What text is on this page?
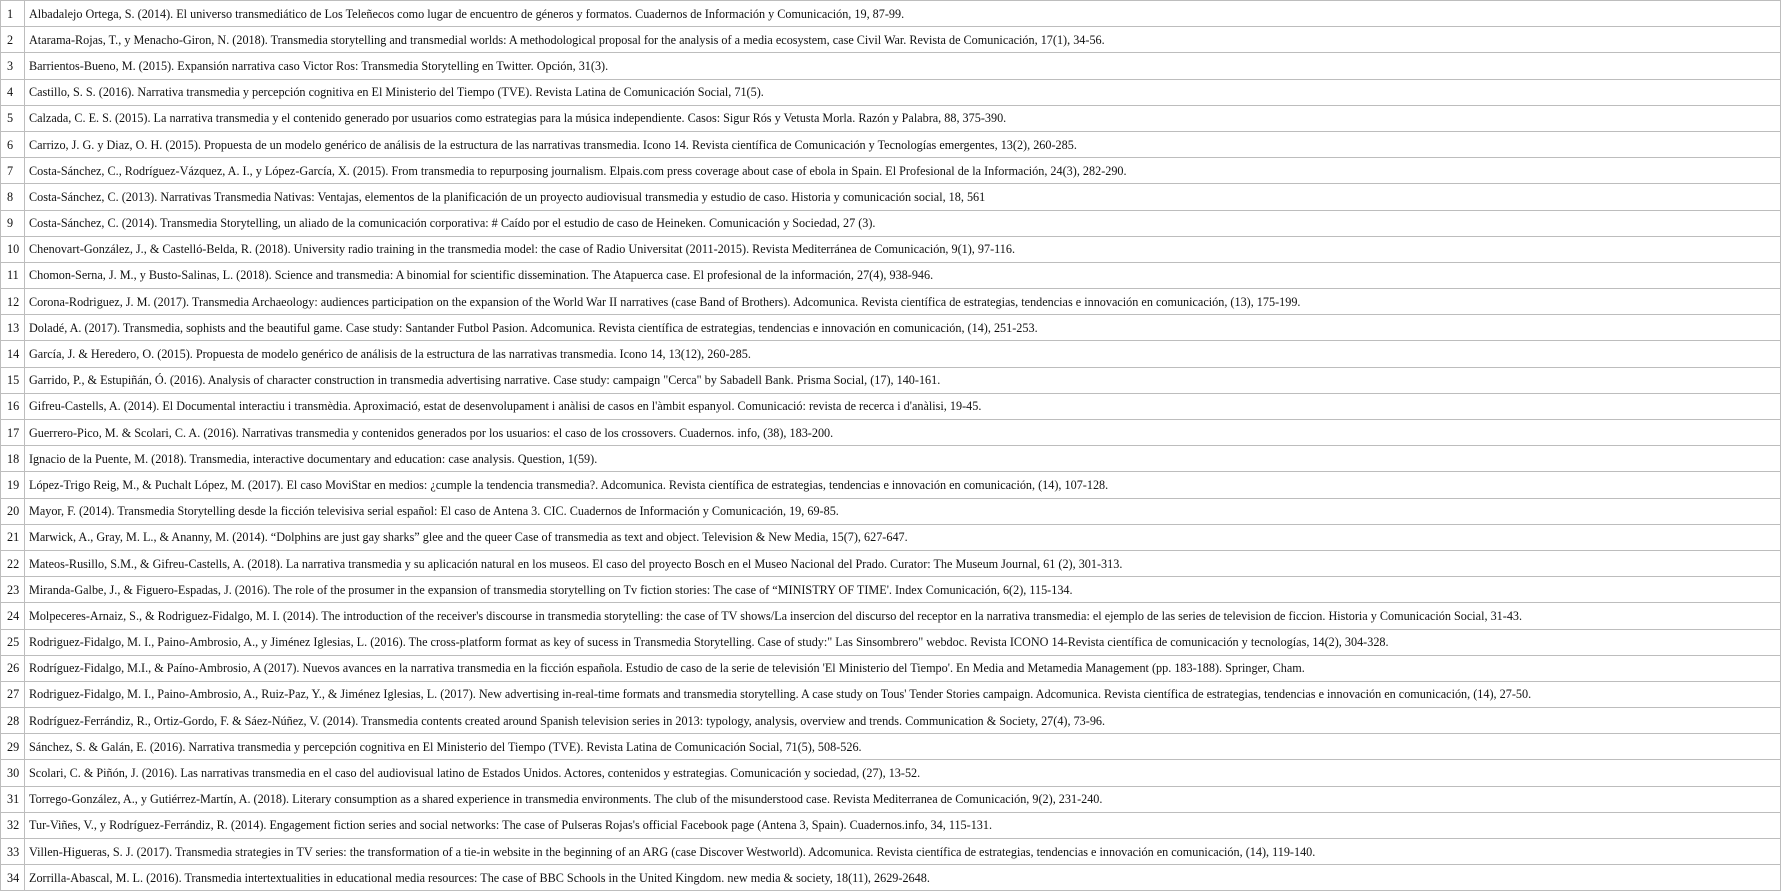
1	Albadalejo Ortega, S. (2014). El universo transmediático de Los Teleñecos como lugar de encuentro de géneros y formatos. Cuadernos de Información y Comunicación, 19, 87-99.
2	Atarama-Rojas, T., y Menacho-Giron, N. (2018). Transmedia storytelling and transmedial worlds: A methodological proposal for the analysis of a media ecosystem, case Civil War. Revista de Comunicación, 17(1), 34-56.
3	Barrientos-Bueno, M. (2015). Expansión narrativa caso Victor Ros: Transmedia Storytelling en Twitter. Opción, 31(3).
4	Castillo, S. S. (2016). Narrativa transmedia y percepción cognitiva en El Ministerio del Tiempo (TVE). Revista Latina de Comunicación Social, 71(5).
5	Calzada, C. E. S. (2015). La narrativa transmedia y el contenido generado por usuarios como estrategias para la música independiente. Casos: Sigur Rós y Vetusta Morla. Razón y Palabra, 88, 375-390.
6	Carrizo, J. G. y Diaz, O. H. (2015). Propuesta de un modelo genérico de análisis de la estructura de las narrativas transmedia. Icono 14. Revista científica de Comunicación y Tecnologías emergentes, 13(2), 260-285.
7	Costa-Sánchez, C., Rodríguez-Vázquez, A. I., y López-García, X. (2015). From transmedia to repurposing journalism. Elpais.com press coverage about case of ebola in Spain. El Profesional de la Información, 24(3), 282-290.
8	Costa-Sánchez, C. (2013). Narrativas Transmedia Nativas: Ventajas, elementos de la planificación de un proyecto audiovisual transmedia y estudio de caso. Historia y comunicación social, 18, 561
9	Costa-Sánchez, C. (2014). Transmedia Storytelling, un aliado de la comunicación corporativa: # Caído por el estudio de caso de Heineken. Comunicación y Sociedad, 27 (3).
10	Chenovart-González, J., & Castelló-Belda, R. (2018). University radio training in the transmedia model: the case of Radio Universitat (2011-2015). Revista Mediterránea de Comunicación, 9(1), 97-116.
11	Chomon-Serna, J. M., y Busto-Salinas, L. (2018). Science and transmedia: A binomial for scientific dissemination. The Atapuerca case. El profesional de la información, 27(4), 938-946.
12	Corona-Rodriguez, J. M. (2017). Transmedia Archaeology: audiences participation on the expansion of the World War II narratives (case Band of Brothers). Adcomunica. Revista científica de estrategias, tendencias e innovación en comunicación, (13), 175-199.
13	Doladé, A. (2017). Transmedia, sophists and the beautiful game. Case study: Santander Futbol Pasion. Adcomunica. Revista científica de estrategias, tendencias e innovación en comunicación, (14), 251-253.
14	García, J. & Heredero, O. (2015). Propuesta de modelo genérico de análisis de la estructura de las narrativas transmedia. Icono 14, 13(12), 260-285.
15	Garrido, P., & Estupiñán, Ó. (2016). Analysis of character construction in transmedia advertising narrative. Case study: campaign "Cerca" by Sabadell Bank. Prisma Social, (17), 140-161.
16	Gifreu-Castells, A. (2014). El Documental interactiu i transmèdia. Aproximació, estat de desenvolupament i anàlisi de casos en l'àmbit espanyol. Comunicació: revista de recerca i d'anàlisi, 19-45.
17	Guerrero-Pico, M. & Scolari, C. A. (2016). Narrativas transmedia y contenidos generados por los usuarios: el caso de los crossovers. Cuadernos. info, (38), 183-200.
18	Ignacio de la Puente, M. (2018). Transmedia, interactive documentary and education: case analysis. Question, 1(59).
19	López-Trigo Reig, M., & Puchalt López, M. (2017). El caso MoviStar en medios: ¿cumple la tendencia transmedia?. Adcomunica. Revista científica de estrategias, tendencias e innovación en comunicación, (14), 107-128.
20	Mayor, F. (2014). Transmedia Storytelling desde la ficción televisiva serial español: El caso de Antena 3. CIC. Cuadernos de Información y Comunicación, 19, 69-85.
21	Marwick, A., Gray, M. L., & Ananny, M. (2014). “Dolphins are just gay sharks” glee and the queer Case of transmedia as text and object. Television & New Media, 15(7), 627-647.
22	Mateos-Rusillo, S.M., & Gifreu-Castells, A. (2018). La narrativa transmedia y su aplicación natural en los museos. El caso del proyecto Bosch en el Museo Nacional del Prado. Curator: The Museum Journal, 61 (2), 301-313.
23	Miranda-Galbe, J., & Figuero-Espadas, J. (2016). The role of the prosumer in the expansion of transmedia storytelling on Tv fiction stories: The case of “MINISTRY OF TIME'. Index Comunicación, 6(2), 115-134.
24	Molpeceres-Arnaiz, S., & Rodriguez-Fidalgo, M. I. (2014). The introduction of the receiver's discourse in transmedia storytelling: the case of TV shows/La insercion del discurso del receptor en la narrativa transmedia: el ejemplo de las series de television de ficcion. Historia y Comunicación Social, 31-43.
25	Rodriguez-Fidalgo, M. I., Paino-Ambrosio, A., y Jiménez Iglesias, L. (2016). The cross-platform format as key of sucess in Transmedia Storytelling. Case of study:" Las Sinsombrero" webdoc. Revista ICONO 14-Revista científica de comunicación y tecnologías, 14(2), 304-328.
26	Rodríguez-Fidalgo, M.I., & Paíno-Ambrosio, A (2017). Nuevos avances en la narrativa transmedia en la ficción española. Estudio de caso de la serie de televisión 'El Ministerio del Tiempo'. En Media and Metamedia Management (pp. 183-188). Springer, Cham.
27	Rodriguez-Fidalgo, M. I., Paino-Ambrosio, A., Ruiz-Paz, Y., & Jiménez Iglesias, L. (2017). New advertising in-real-time formats and transmedia storytelling. A case study on Tous' Tender Stories campaign. Adcomunica. Revista científica de estrategias, tendencias e innovación en comunicación, (14), 27-50.
28	Rodríguez-Ferrándiz, R., Ortiz-Gordo, F. & Sáez-Núñez, V. (2014). Transmedia contents created around Spanish television series in 2013: typology, analysis, overview and trends. Communication & Society, 27(4), 73-96.
29	Sánchez, S. & Galán, E. (2016). Narrativa transmedia y percepción cognitiva en El Ministerio del Tiempo (TVE). Revista Latina de Comunicación Social, 71(5), 508-526.
30	Scolari, C. & Piñón, J. (2016). Las narrativas transmedia en el caso del audiovisual latino de Estados Unidos. Actores, contenidos y estrategias. Comunicación y sociedad, (27), 13-52.
31	Torrego-González, A., y Gutiérrez-Martín, A. (2018). Literary consumption as a shared experience in transmedia environments. The club of the misunderstood case. Revista Mediterranea de Comunicación, 9(2), 231-240.
32	Tur-Viñes, V., y Rodríguez-Ferrándiz, R. (2014). Engagement fiction series and social networks: The case of Pulseras Rojas's official Facebook page (Antena 3, Spain). Cuadernos.info, 34, 115-131.
33	Villen-Higueras, S. J. (2017). Transmedia strategies in TV series: the transformation of a tie-in website in the beginning of an ARG (case Discover Westworld). Adcomunica. Revista científica de estrategias, tendencias e innovación en comunicación, (14), 119-140.
34	Zorrilla-Abascal, M. L. (2016). Transmedia intertextualities in educational media resources: The case of BBC Schools in the United Kingdom. new media & society, 18(11), 2629-2648.
